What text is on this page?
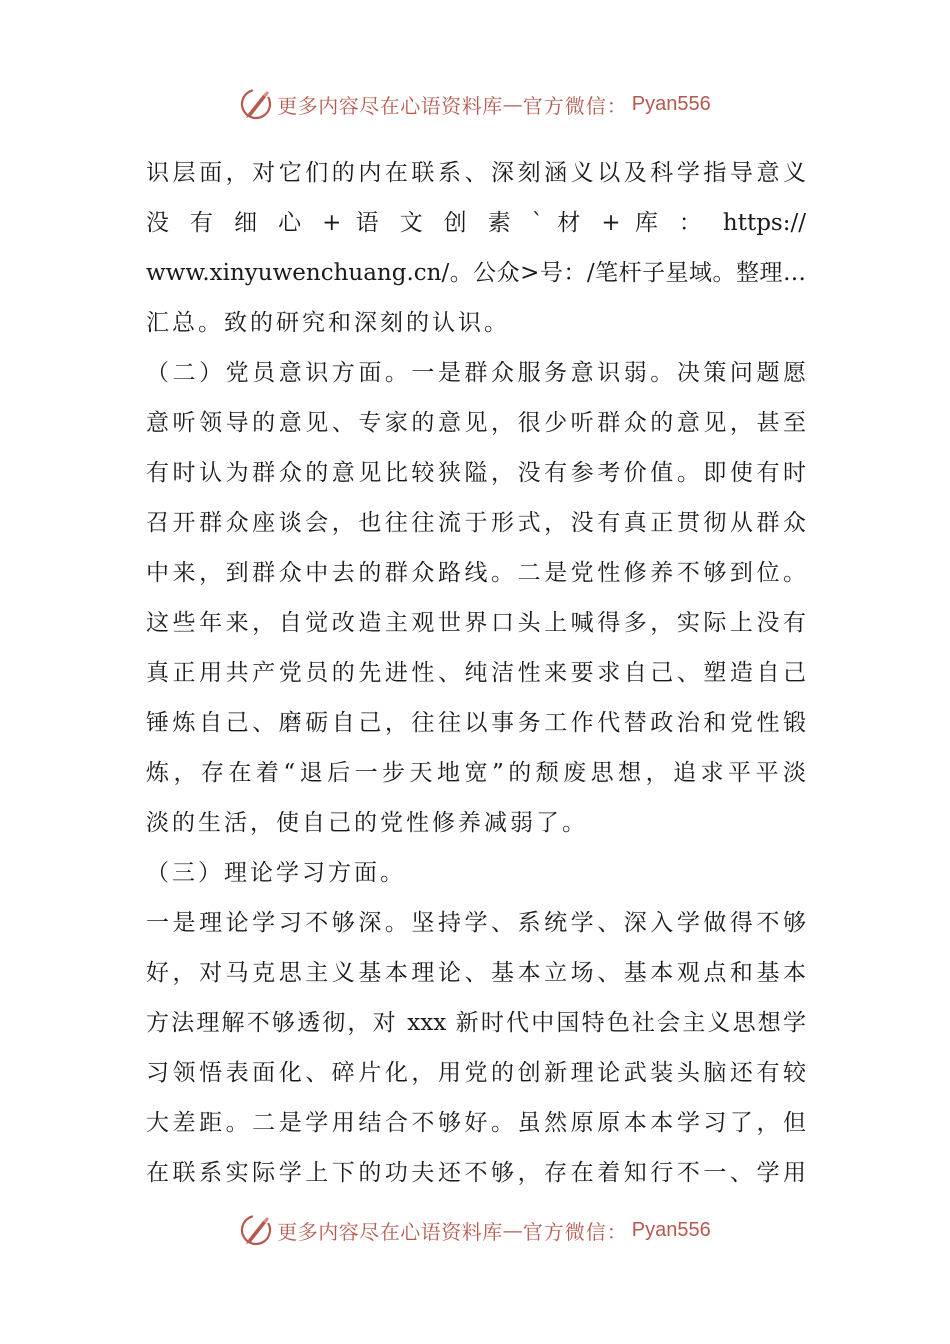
更多内容尽在心语资料库 — 官方微信： Pyan556
识层面，对它们的内在联系、深刻涵义以及科学指导意义
没 有 细 心 + 语 文 创 素 ` 材 + 库 ： https://
www.xinyuwenchuang.cn/。公众>号：/笔杆子星域。整理…
汇总。致的研究和深刻的认识。
（二）党员意识方面。一是群众服务意识弱。决策问题愿
意听领导的意见、专家的意见，很少听群众的意见，甚至
有时认为群众的意见比较狭隘，没有参考价值。即使有时
召开群众座谈会，也往往流于形式，没有真正贯彻从群众
中来，到群众中去的群众路线。二是党性修养不够到位。
这些年来，自觉改造主观世界口头上喊得多，实际上没有
真正用共产党员的先进性、纯洁性来要求自己、塑造自己
锤炼自己、磨砺自己，往往以事务工作代替政治和党性锻
炼，存在着“退后一步天地宽”的颓废思想，追求平平淡
淡的生活，使自己的党性修养减弱了。
（三）理论学习方面。
一是理论学习不够深。坚持学、系统学、深入学做得不够
好，对马克思主义基本理论、基本立场、基本观点和基本
方法理解不够透彻，对 xxx 新时代中国特色社会主义思想学
习领悟表面化、碎片化，用党的创新理论武装头脑还有较
大差距。二是学用结合不够好。虽然原原本本学习了，但
在联系实际学上下的功夫还不够，存在着知行不一、学用
更多内容尽在心语资料库 — 官方微信： Pyan556
